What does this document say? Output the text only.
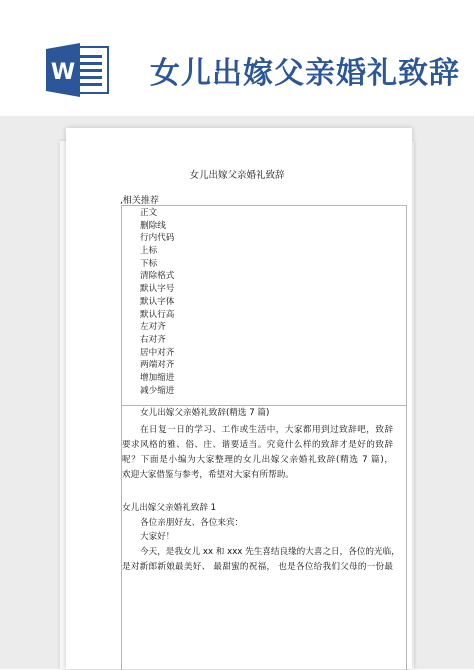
W 女儿出嫁父亲婚礼致辞
女儿出嫁父亲婚礼致辞
,相关推荐
正文
删除线
行内代码
上标
下标
清除格式
默认字号
默认字体
默认行高
左对齐
右对齐
居中对齐
两端对齐
增加缩进
减少缩进
女儿出嫁父亲婚礼致辞(精选 7 篇)
在日复一日的学习、工作或生活中，大家都用到过致辞吧，致辞
要求风格的雅、俗、庄、谐要适当。究竟什么样的致辞才是好的致辞
呢？下面是小编为大家整理的女儿出嫁父亲婚礼致辞(精选 7 篇)，
欢迎大家借鉴与参考，希望对大家有所帮助。
女儿出嫁父亲婚礼致辞 1
各位亲朋好友、各位来宾：
大家好！
今天，是我女儿 xx 和 xxx 先生喜结良缘的大喜之日，各位的光临，
是对新郎新娘最美好、 最甜蜜的祝福， 也是各位给我们父母的一份最
